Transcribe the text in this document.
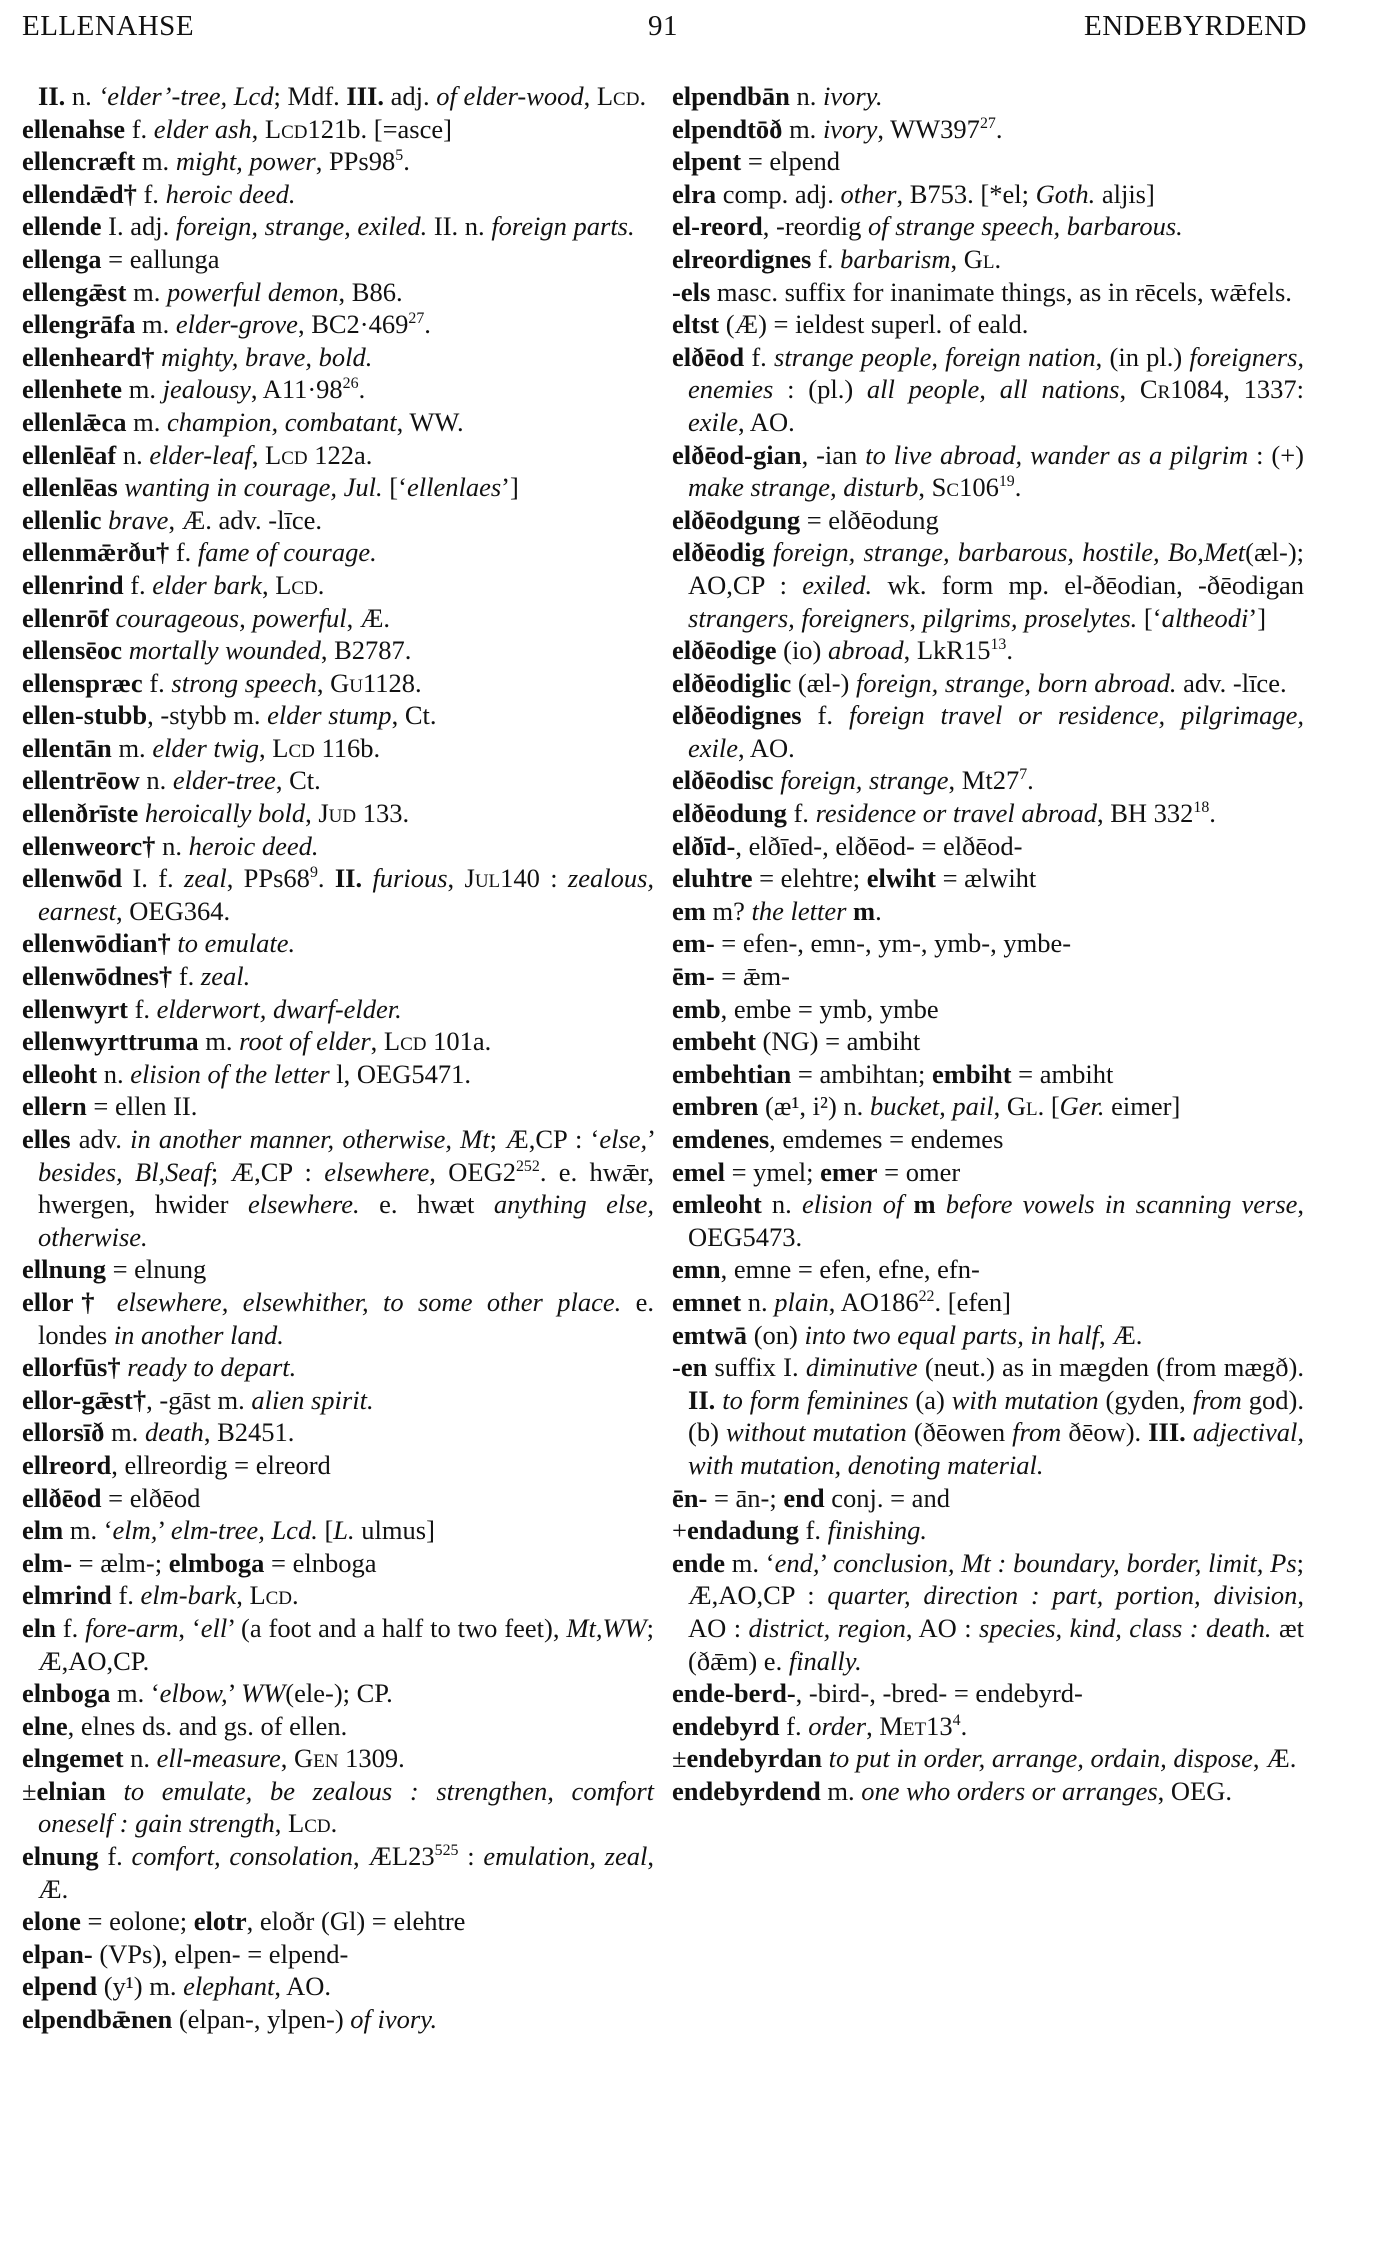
ELLENAHSE	91	ENDEBYRDEND
II. n. ‘elder’-tree, Lcd; Mdf. III. adj. of elder-wood, Lcd.
ellenahse f. elder ash, Lcd121b. [=asce]
ellencræft m. might, power, $PPs98^5$.
ellendǣd† f. heroic deed.
ellende I. adj. foreign, strange, exiled. II. n. foreign parts.
ellenga = eallunga
ellengǣst m. powerful demon, B86.
ellengrāfa m. elder-grove, $BC2\cdot 469^{27}$.
ellenheard† mighty, brave, bold.
ellenhete m. jealousy, $A11\cdot 98^{26}$.
ellenlǣca m. champion, combatant, WW.
ellenlēaf n. elder-leaf, Lcd 122a.
ellenlēas wanting in courage, Jul. [‘ellenlaes’]
ellenlic brave, Æ. adv. -līce.
ellenmǣrðu† f. fame of courage.
ellenrind f. elder bark, Lcd.
ellenrōf courageous, powerful, Æ.
ellensēoc mortally wounded, B2787.
ellenspræc f. strong speech, Gu1128.
ellen-stubb, -stybb m. elder stump, Ct.
ellentān m. elder twig, Lcd 116b.
ellentrēow n. elder-tree, Ct.
ellenðrīste heroically bold, Jud 133.
ellenweorc† n. heroic deed.
ellenwōd I. f. zeal, $PPs68^9$. II. furious, Jul140 : zealous, earnest, OEG364.
ellenwōdian† to emulate.
ellenwōdnes† f. zeal.
ellenwyrt f. elderwort, dwarf-elder.
ellenwyrttruma m. root of elder, Lcd 101a.
elleoht n. elision of the letter l, OEG5471.
ellern = ellen II.
elles adv. in another manner, otherwise, Mt; Æ,CP : ‘else,’ besides, Bl,Seaf; Æ,CP : elsewhere, $OEG2^{252}$. e. hwǣr, hwergen, hwider elsewhere. e. hwæt anything else, otherwise.
ellnung = elnung
ellor† elsewhere, elsewhither, to some other place. e. londes in another land.
ellorfūs† ready to depart.
ellor-gǣst†, -gāst m. alien spirit.
ellorsīð m. death, B2451.
ellreord, ellreordig = elreord
ellðēod = elðēod
elm m. ‘elm,’ elm-tree, Lcd. [L. ulmus]
elm- = ælm-; elmboga = elnboga
elmrind f. elm-bark, Lcd.
eln f. fore-arm, ‘ell’ (a foot and a half to two feet), Mt,WW; Æ,AO,CP.
elnboga m. ‘elbow,’ WW(ele-); CP.
elne, elnes ds. and gs. of ellen.
elngemet n. ell-measure, Gen 1309.
±elnian to emulate, be zealous : strengthen, comfort oneself : gain strength, Lcd.
elnung f. comfort, consolation, $ÆL23^{525}$ : emulation, zeal, Æ.
elone = eolone; elotr, eloðr (Gl) = elehtre
elpan- (VPs), elpen- = elpend-
elpend (y¹) m. elephant, AO.
elpendbǣnen (elpan-, ylpen-) of ivory.
elpendbān n. ivory.
elpendtōð m. ivory, $WW397^{27}$.
elpent = elpend
elra comp. adj. other, B753. [*el; Goth. aljis]
el-reord, -reordig of strange speech, barbarous.
elreordignes f. barbarism, Gl.
-els masc. suffix for inanimate things, as in rēcels, wǣfels.
eltst (Æ) = ieldest superl. of eald.
elðēod f. strange people, foreign nation, (in pl.) foreigners, enemies : (pl.) all people, all nations, Cr1084, 1337: exile, AO.
elðēod-gian, -ian to live abroad, wander as a pilgrim : (+) make strange, disturb, $Sc106^{19}$.
elðēodgung = elðēodung
elðēodig foreign, strange, barbarous, hostile, Bo,Met(æl-); AO,CP : exiled. wk. form mp. el-ðēodian, -ðēodigan strangers, foreigners, pilgrims, proselytes. [‘altheodi’]
elðēodige (io) abroad, $LkR15^{13}$.
elðēodiglic (æl-) foreign, strange, born abroad. adv. -līce.
elðēodignes f. foreign travel or residence, pilgrimage, exile, AO.
elðēodisc foreign, strange, $Mt27^7$.
elðēodung f. residence or travel abroad, BH $332^{18}$.
elðīd-, elðīed-, elðēod- = elðēod-
eluhtre = elehtre; elwiht = ælwiht
em m? the letter m.
em- = efen-, emn-, ym-, ymb-, ymbe-
ēm- = ǣm-
emb, embe = ymb, ymbe
embeht (NG) = ambiht
embehtian = ambihtan; embiht = ambiht
embren (æ¹, i²) n. bucket, pail, Gl. [Ger. eimer]
emdenes, emdemes = endemes
emel = ymel; emer = omer
emleoht n. elision of m before vowels in scanning verse, OEG5473.
emn, emne = efen, efne, efn-
emnet n. plain, $AO186^{22}$. [efen]
emtwā (on) into two equal parts, in half, Æ.
-en suffix I. diminutive (neut.) as in mægden (from mægð). II. to form feminines (a) with mutation (gyden, from god). (b) without mutation (ðēowen from ðēow). III. adjectival, with mutation, denoting material.
ēn- = ān-; end conj. = and
+endadung f. finishing.
ende m. ‘end,’ conclusion, Mt : boundary, border, limit, Ps; Æ,AO,CP : quarter, direction : part, portion, division, AO : district, region, AO : species, kind, class : death. æt (ðǣm) e. finally.
ende-berd-, -bird-, -bred- = endebyrd-
endebyrd f. order, $Met13^4$.
±endebyrdan to put in order, arrange, ordain, dispose, Æ.
endebyrdend m. one who orders or arranges, OEG.
